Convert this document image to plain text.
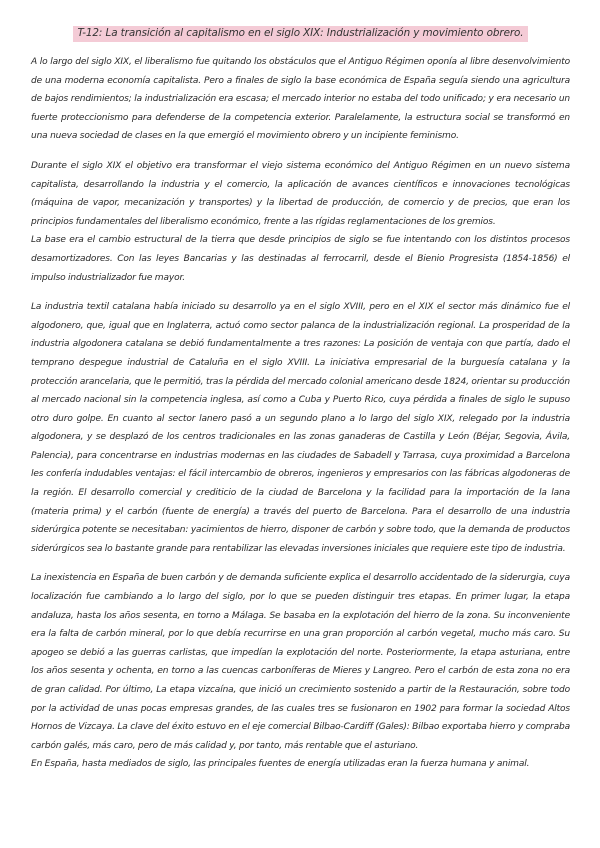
T-12: La transición al capitalismo en el siglo XIX: Industrialización y movimiento obrero.

A lo largo del siglo XIX, el liberalismo fue quitando los obstáculos que el Antiguo Régimen oponía al libre desenvolvimiento de una moderna economía capitalista. Pero a finales de siglo la base económica de España seguía siendo una agricultura de bajos rendimientos; la industrialización era escasa; el mercado interior no estaba del todo unificado; y era necesario un fuerte proteccionismo para defenderse de la competencia exterior. Paralelamente, la estructura social se transformó en una nueva sociedad de clases en la que emergió el movimiento obrero y un incipiente feminismo.

Durante el siglo XIX el objetivo era transformar el viejo sistema económico del Antiguo Régimen en un nuevo sistema capitalista, desarrollando la industria y el comercio, la aplicación de avances científicos e innovaciones tecnológicas (máquina de vapor, mecanización y transportes) y la libertad de producción, de comercio y de precios, que eran los principios fundamentales del liberalismo económico, frente a las rígidas reglamentaciones de los gremios.

La base era el cambio estructural de la tierra que desde principios de siglo se fue intentando con los distintos procesos desamortizadores. Con las leyes Bancarias y las destinadas al ferrocarril, desde el Bienio Progresista (1854-1856) el impulso industrializador fue mayor.

La industria textil catalana había iniciado su desarrollo ya en el siglo XVIII, pero en el XIX el sector más dinámico fue el algodonero, que, igual que en Inglaterra, actuó como sector palanca de la industrialización regional. La prosperidad de la industria algodonera catalana se debió fundamentalmente a tres razones: La posición de ventaja con que partía, dado el temprano despegue industrial de Cataluña en el siglo XVIII. La iniciativa empresarial de la burguesía catalana y la protección arancelaria, que le permitió, tras la pérdida del mercado colonial americano desde 1824, orientar su producción al mercado nacional sin la competencia inglesa, así como a Cuba y Puerto Rico, cuya pérdida a finales de siglo le supuso otro duro golpe. En cuanto al sector lanero pasó a un segundo plano a lo largo del siglo XIX, relegado por la industria algodonera, y se desplazó de los centros tradicionales en las zonas ganaderas de Castilla y León (Béjar, Segovia, Ávila, Palencia), para concentrarse en industrias modernas en las ciudades de Sabadell y Tarrasa, cuya proximidad a Barcelona les confería indudables ventajas: el fácil intercambio de obreros, ingenieros y empresarios con las fábricas algodoneras de la región. El desarrollo comercial y crediticio de la ciudad de Barcelona y la facilidad para la importación de la lana (materia prima) y el carbón (fuente de energía) a través del puerto de Barcelona. Para el desarrollo de una industria siderúrgica potente se necesitaban: yacimientos de hierro, disponer de carbón y sobre todo, que la demanda de productos siderúrgicos sea lo bastante grande para rentabilizar las elevadas inversiones iniciales que requiere este tipo de industria.

La inexistencia en España de buen carbón y de demanda suficiente explica el desarrollo accidentado de la siderurgia, cuya localización fue cambiando a lo largo del siglo, por lo que se pueden distinguir tres etapas. En primer lugar, la etapa andaluza, hasta los años sesenta, en torno a Málaga. Se basaba en la explotación del hierro de la zona. Su inconveniente era la falta de carbón mineral, por lo que debía recurrirse en una gran proporción al carbón vegetal, mucho más caro. Su apogeo se debió a las guerras carlistas, que impedían la explotación del norte. Posteriormente, la etapa asturiana, entre los años sesenta y ochenta, en torno a las cuencas carboníferas de Mieres y Langreo. Pero el carbón de esta zona no era de gran calidad. Por último, La etapa vizcaína, que inició un crecimiento sostenido a partir de la Restauración, sobre todo por la actividad de unas pocas empresas grandes, de las cuales tres se fusionaron en 1902 para formar la sociedad Altos Hornos de Vizcaya. La clave del éxito estuvo en el eje comercial Bilbao-Cardiff (Gales): Bilbao exportaba hierro y compraba carbón galés, más caro, pero de más calidad y, por tanto, más rentable que el asturiano.

En España, hasta mediados de siglo, las principales fuentes de energía utilizadas eran la fuerza humana y animal.
